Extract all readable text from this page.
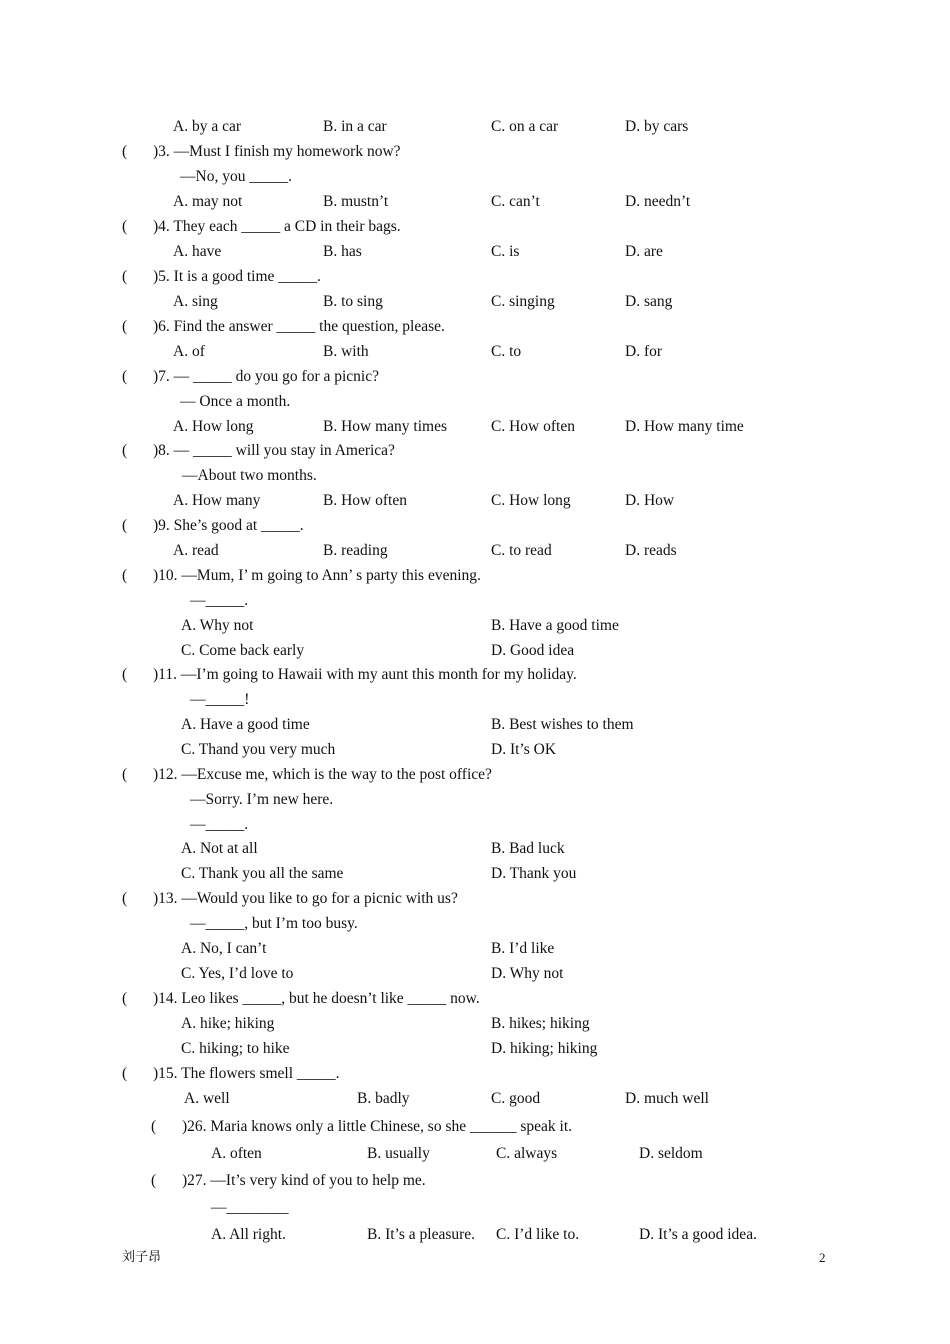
A. by a car	B. in a car	C. on a car	D. by cars
( )3. —Must I finish my homework now?
—No, you _____.
A. may not	B. mustn’t	C. can’t	D. needn’t
( )4. They each _____ a CD in their bags.
A. have	B. has	C. is	D. are
( )5. It is a good time _____.
A. sing	B. to sing	C. singing	D. sang
( )6. Find the answer _____ the question, please.
A. of	B. with	C. to	D. for
( )7. — _____ do you go for a picnic?
— Once a month.
A. How long	B. How many times	C. How often	D. How many time
( )8. — _____ will you stay in America?
—About two months.
A. How many	B. How often	C. How long	D. How
( )9. She’s good at _____.
A. read	B. reading	C. to read	D. reads
( )10. —Mum, I’ m going to Ann’ s party this evening.
—_____.
A. Why not	B. Have a good time
C. Come back early	D. Good idea
( )11. —I’m going to Hawaii with my aunt this month for my holiday.
—_____!
A. Have a good time	B. Best wishes to them
C. Thand you very much	D. It’s OK
( )12. —Excuse me, which is the way to the post office?
—Sorry. I’m new here.
—_____.
A. Not at all	B. Bad luck
C. Thank you all the same	D. Thank you
( )13. —Would you like to go for a picnic with us?
—_____, but I’m too busy.
A. No, I can’t	B. I’d like
C. Yes, I’d love to	D. Why not
( )14. Leo likes _____, but he doesn’t like _____ now.
A. hike; hiking	B. hikes; hiking
C. hiking; to hike	D. hiking; hiking
( )15. The flowers smell _____.
A. well	B. badly	C. good	D. much well
( )26. Maria knows only a little Chinese, so she ______ speak it.
A. often	B. usually	C. always	D. seldom
( )27. —It’s very kind of you to help me.
—________
A. All right.	B. It’s a pleasure. C. I’d like to.	D. It’s a good idea.
刘子昂	2
